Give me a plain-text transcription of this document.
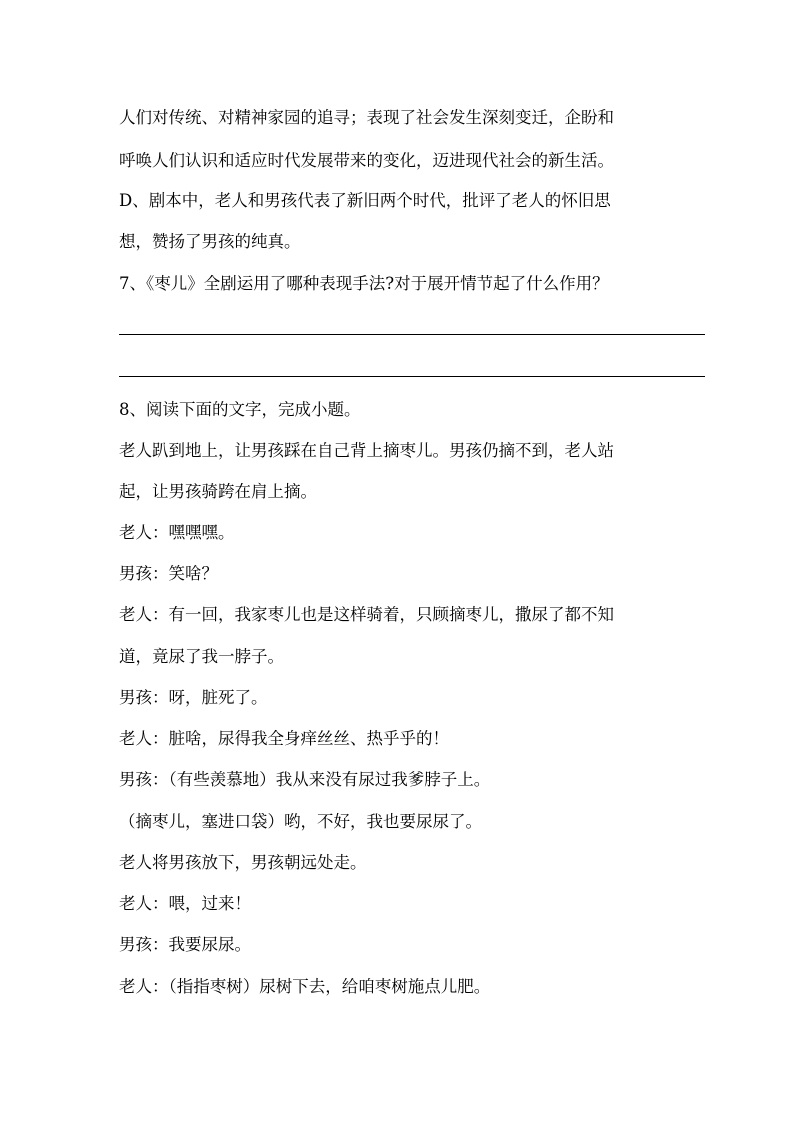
人们对传统、对精神家园的追寻；表现了社会发生深刻变迁，企盼和
呼唤人们认识和适应时代发展带来的变化，迈进现代社会的新生活。
D、剧本中，老人和男孩代表了新旧两个时代，批评了老人的怀旧思
想，赞扬了男孩的纯真。
7、《枣儿》全剧运用了哪种表现手法?对于展开情节起了什么作用？
8、阅读下面的文字，完成小题。
老人趴到地上，让男孩踩在自己背上摘枣儿。男孩仍摘不到，老人站
起，让男孩骑跨在肩上摘。
老人：嘿嘿嘿。
男孩：笑啥？
老人：有一回，我家枣儿也是这样骑着，只顾摘枣儿，撒尿了都不知
道，竟尿了我一脖子。
男孩：呀，脏死了。
老人：脏啥，尿得我全身痒丝丝、热乎乎的！
男孩：（有些羡慕地）我从来没有尿过我爹脖子上。
（摘枣儿，塞进口袋）哟，不好，我也要尿尿了。
老人将男孩放下，男孩朝远处走。
老人：喂，过来！
男孩：我要尿尿。
老人：（指指枣树）尿树下去，给咱枣树施点儿肥。
